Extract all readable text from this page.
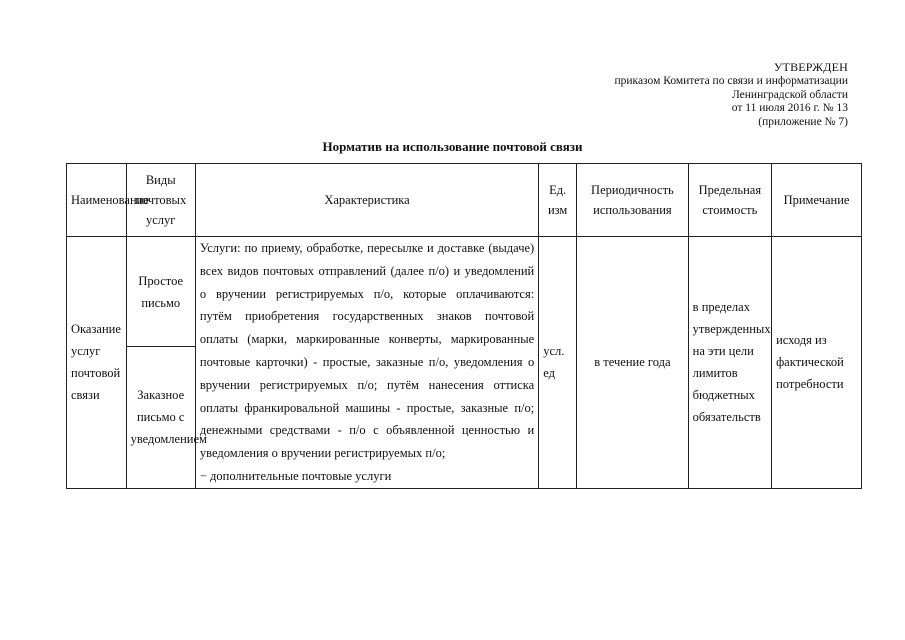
УТВЕРЖДЕН
приказом Комитета по связи и информатизации
Ленинградской области
от 11 июля 2016 г. № 13
(приложение № 7)
Норматив на использование почтовой связи
Наименование	Виды почтовых услуг	Характеристика	Ед. изм	Периодичность использования	Предельная стоимость	Примечание
Оказание услуг почтовой связи	Простое письмо	Услуги: по приему, обработке, пересылке и доставке (выдаче) всех видов почтовых отправлений (далее п/о) и уведомлений о вручении регистрируемых п/о, которые оплачиваются: путём приобретения государственных знаков почтовой оплаты (марки, маркированные конверты, маркированные почтовые карточки) - простые, заказные п/о, уведомления о вручении регистрируемых п/о; путём нанесения оттиска оплаты франкировальной машины - простые, заказные п/о; денежными средствами - п/о с объявленной ценностью и уведомления о вручении регистрируемых п/о;
− дополнительные почтовые услуги	усл. ед	в течение года	в пределах утвержденных на эти цели лимитов бюджетных обязательств	исходя из фактической потребности
	Заказное письмо с уведомлением					
